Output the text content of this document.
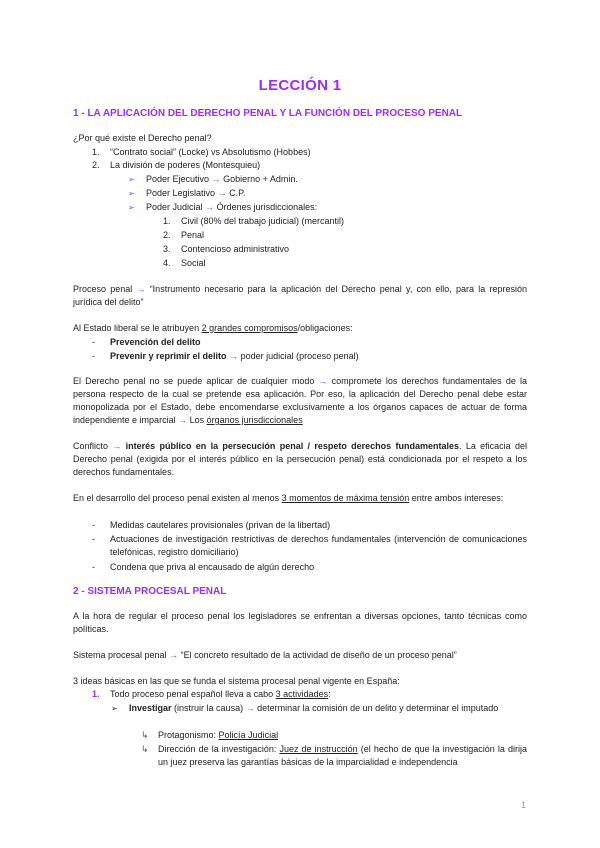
LECCIÓN 1
1 - LA APLICACIÓN DEL DERECHO PENAL Y LA FUNCIÓN DEL PROCESO PENAL
¿Por qué existe el Derecho penal?
1. “Contrato social” (Locke) vs Absolutismo (Hobbes)
2. La división de poderes (Montesquieu)
➢ Poder Ejecutivo → Gobierno + Admin.
➢ Poder Legislativo → C.P.
➢ Poder Judicial → Órdenes jurisdiccionales:
1. Civil (80% del trabajo judicial) (mercantil)
2. Penal
3. Contencioso administrativo
4. Social
Proceso penal → “Instrumento necesario para la aplicación del Derecho penal y, con ello, para la represión jurídica del delito”
Al Estado liberal se le atribuyen 2 grandes compromisos/obligaciones:
- Prevención del delito
- Prevenir y reprimir el delito → poder judicial (proceso penal)
El Derecho penal no se puede aplicar de cualquier modo → compromete los derechos fundamentales de la persona respecto de la cual se pretende esa aplicación. Por eso, la aplicación del Derecho penal debe estar monopolizada por el Estado, debe encomendarse exclusivamente a los órganos capaces de actuar de forma independiente e imparcial → Los órganos jurisdiccionales
Conflicto → interés público en la persecución penal / respeto derechos fundamentales. La eficacia del Derecho penal (exigida por el interés público en la persecución penal) está condicionada por el respeto a los derechos fundamentales.
En el desarrollo del proceso penal existen al menos 3 momentos de máxima tensión entre ambos intereses:
- Medidas cautelares provisionales (privan de la libertad)
- Actuaciones de investigación restrictivas de derechos fundamentales (intervención de comunicaciones telefónicas, registro domiciliario)
- Condena que priva al encausado de algún derecho
2 - SISTEMA PROCESAL PENAL
A la hora de regular el proceso penal los legisladores se enfrentan a diversas opciones, tanto técnicas como políticas.
Sistema procesal penal → “El concreto resultado de la actividad de diseño de un proceso penal”
3 ideas básicas en las que se funda el sistema procesal penal vigente en España:
1. Todo proceso penal español lleva a cabo 3 actividades:
➢ Investigar (instruir la causa) → determinar la comisión de un delito y determinar el imputado
↳ Protagonismo: Policía Judicial
↳ Dirección de la investigación: Juez de instrucción (el hecho de que la investigación la dirija un juez preserva las garantías básicas de la imparcialidad e independencia
1
